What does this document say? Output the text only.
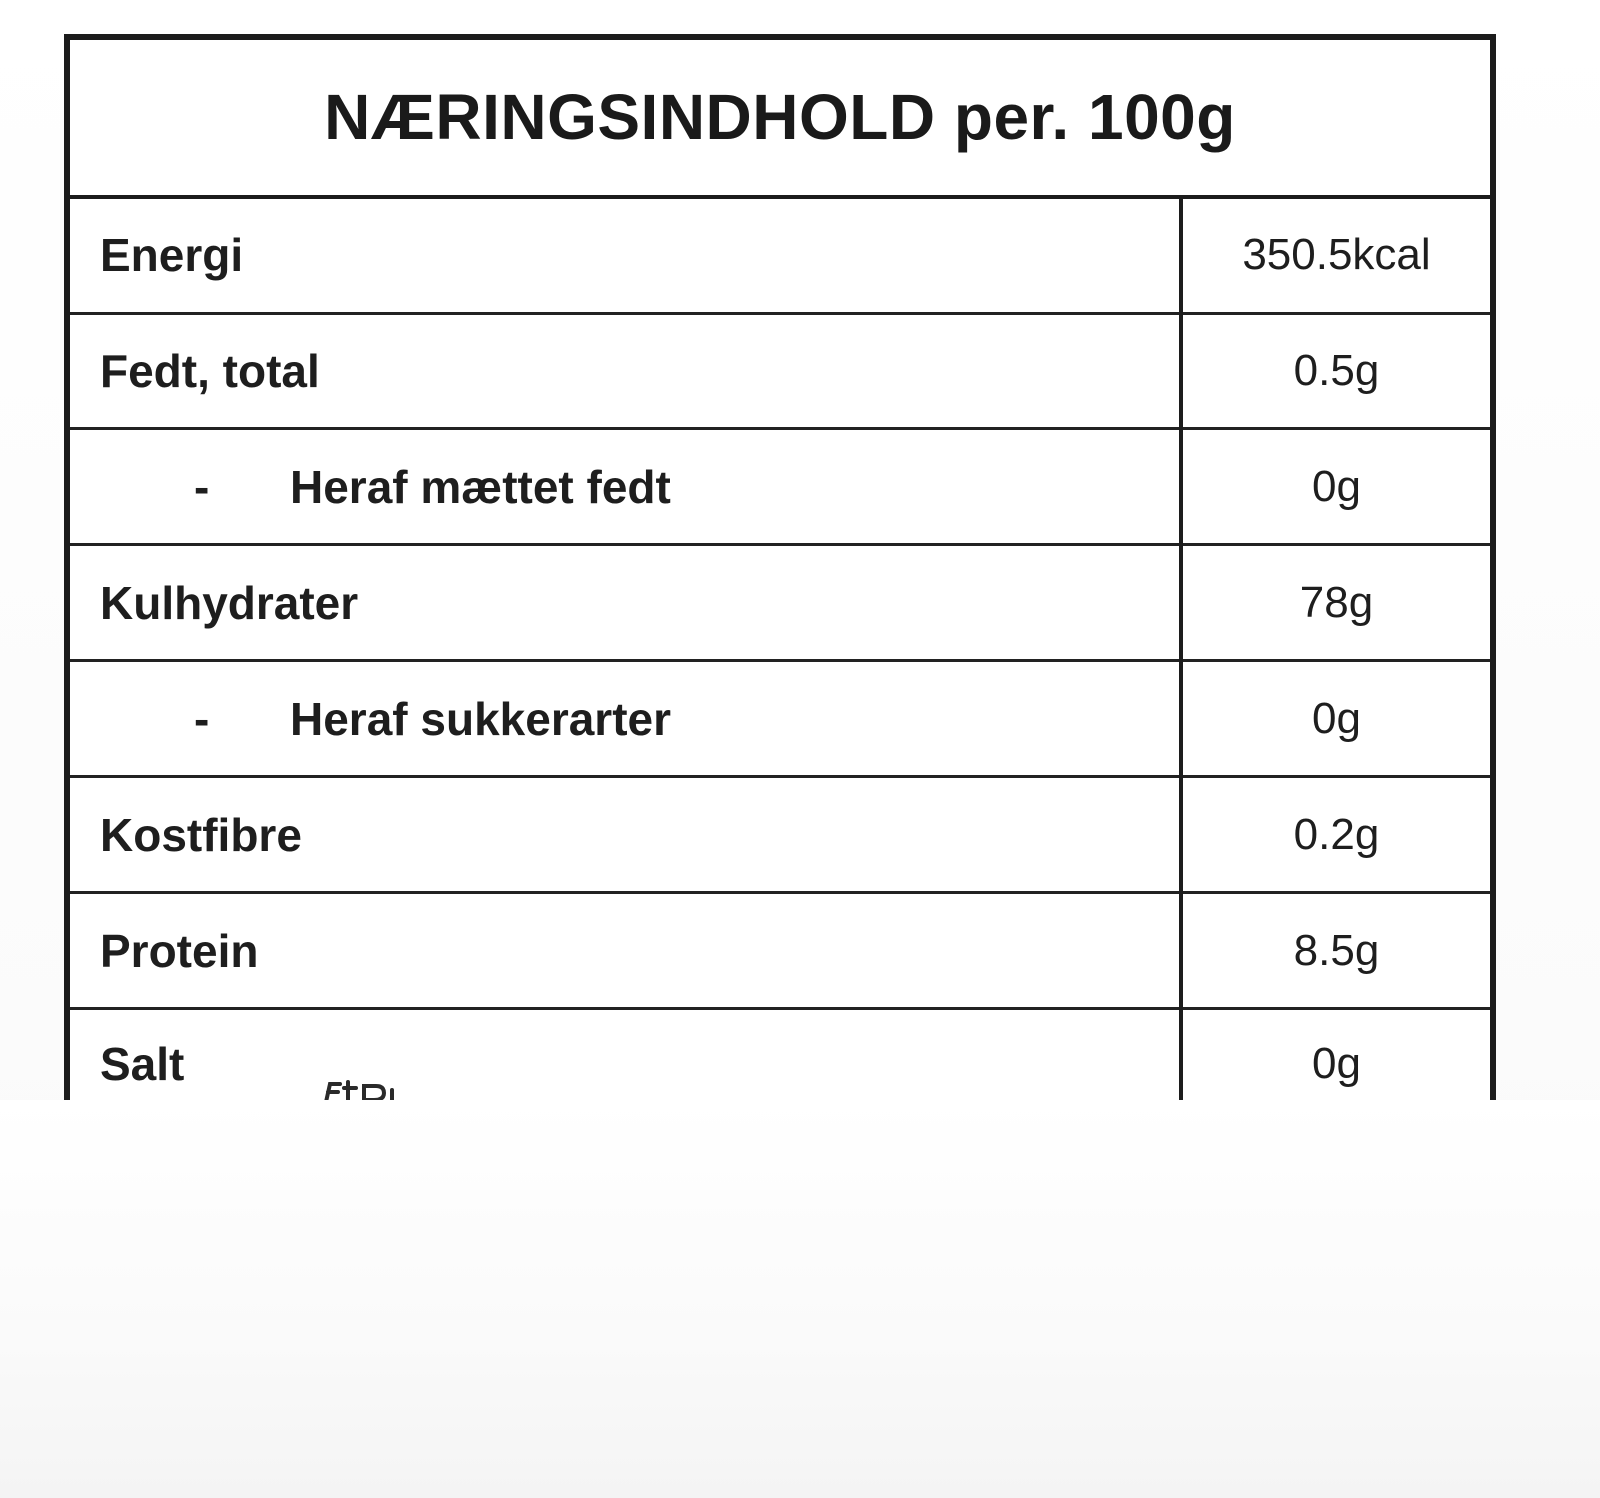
NÆRINGSINDHOLD per. 100g	
Energi	350.5kcal
Fedt, total	0.5g
- Heraf mættet fedt	0g
Kulhydrater	78g
- Heraf sukkerarter	0g
Kostfibre	0.2g
Protein	8.5g
Salt	0g
